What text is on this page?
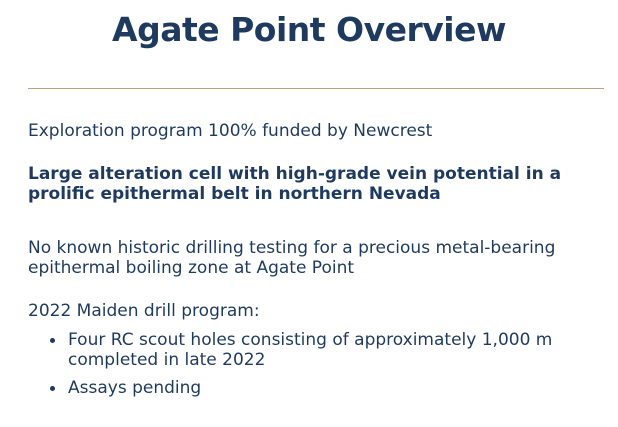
Agate Point Overview

Exploration program 100% funded by Newcrest

Large alteration cell with high-grade vein potential in a prolific epithermal belt in northern Nevada

No known historic drilling testing for a precious metal-bearing epithermal boiling zone at Agate Point

2022 Maiden drill program:

Four RC scout holes consisting of approximately 1,000 m completed in late 2022
Assays pending
